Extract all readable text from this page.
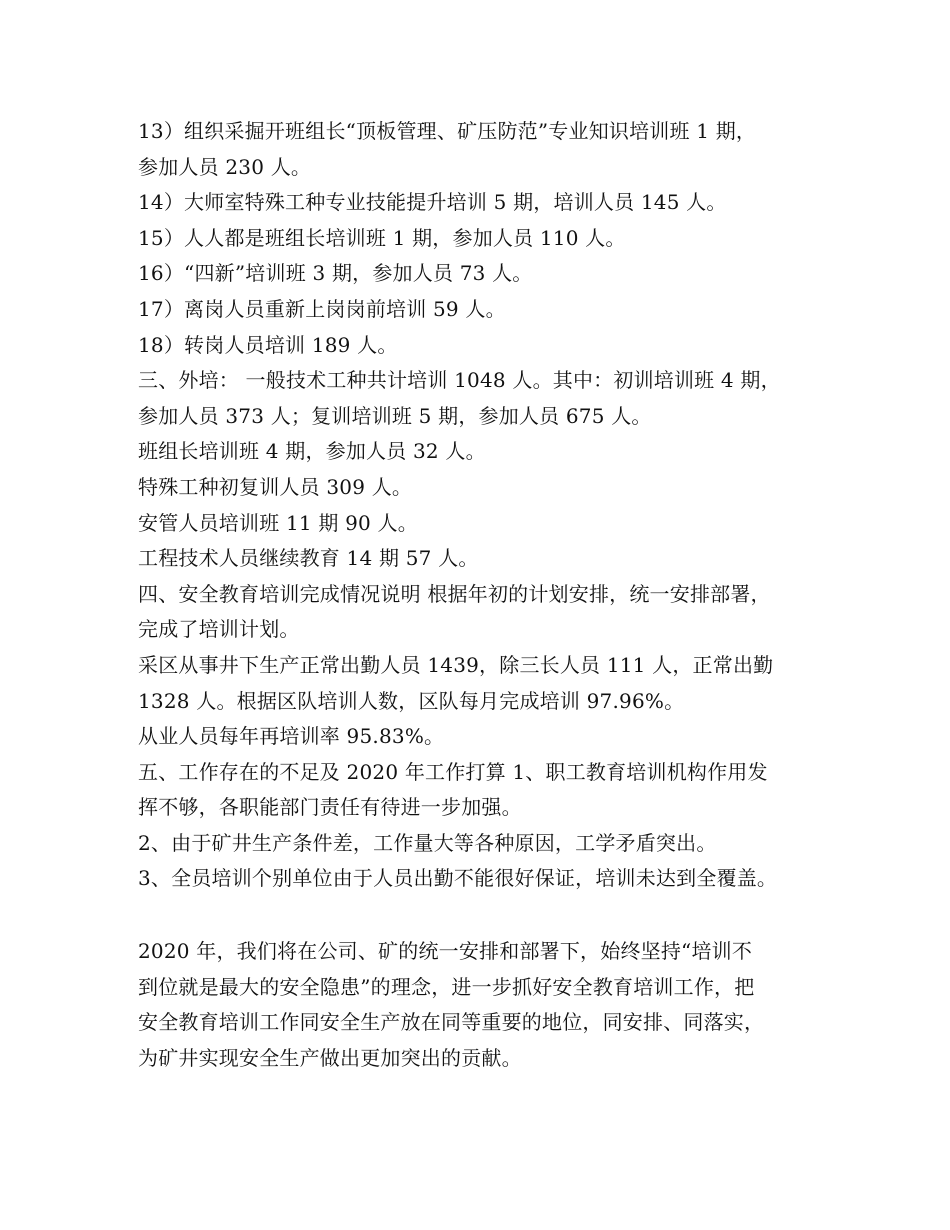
13）组织采掘开班组长“顶板管理、矿压防范”专业知识培训班 1 期，
参加人员 230 人。
14）大师室特殊工种专业技能提升培训 5 期，培训人员 145 人。
15）人人都是班组长培训班 1 期，参加人员 110 人。
16）“四新”培训班 3 期，参加人员 73 人。
17）离岗人员重新上岗岗前培训 59 人。
18）转岗人员培训 189 人。
三、外培： 一般技术工种共计培训 1048 人。其中：初训培训班 4 期，
参加人员 373 人；复训培训班 5 期，参加人员 675 人。
班组长培训班 4 期，参加人员 32 人。
特殊工种初复训人员 309 人。
安管人员培训班 11 期 90 人。
工程技术人员继续教育 14 期 57 人。
四、安全教育培训完成情况说明 根据年初的计划安排，统一安排部署，
完成了培训计划。
采区从事井下生产正常出勤人员 1439，除三长人员 111 人，正常出勤
1328 人。根据区队培训人数，区队每月完成培训 97.96%。
从业人员每年再培训率 95.83%。
五、工作存在的不足及 2020 年工作打算 1、职工教育培训机构作用发
挥不够，各职能部门责任有待进一步加强。
2、由于矿井生产条件差，工作量大等各种原因，工学矛盾突出。
3、全员培训个别单位由于人员出勤不能很好保证，培训未达到全覆盖。
2020 年，我们将在公司、矿的统一安排和部署下，始终坚持“培训不
到位就是最大的安全隐患”的理念，进一步抓好安全教育培训工作，把
安全教育培训工作同安全生产放在同等重要的地位，同安排、同落实，
为矿井实现安全生产做出更加突出的贡献。
